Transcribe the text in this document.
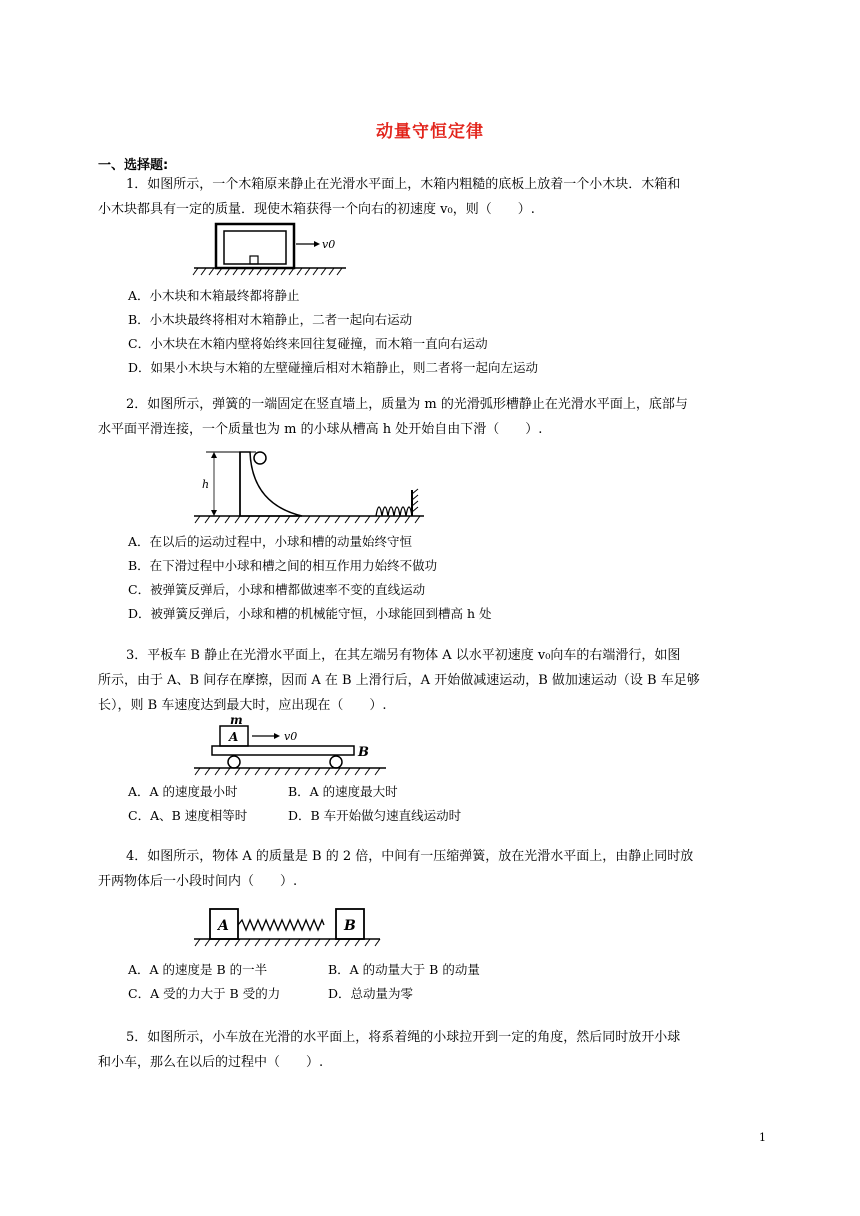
动量守恒定律
一、选择题:
1．如图所示，一个木箱原来静止在光滑水平面上，木箱内粗糙的底板上放着一个小木块．木箱和
小木块都具有一定的质量．现使木箱获得一个向右的初速度 v₀，则（　　）.
v0
A．小木块和木箱最终都将静止
B．小木块最终将相对木箱静止，二者一起向右运动
C．小木块在木箱内壁将始终来回往复碰撞，而木箱一直向右运动
D．如果小木块与木箱的左壁碰撞后相对木箱静止，则二者将一起向左运动
2．如图所示，弹簧的一端固定在竖直墙上，质量为 m 的光滑弧形槽静止在光滑水平面上，底部与
水平面平滑连接，一个质量也为 m 的小球从槽高 h 处开始自由下滑（　　）.
h
A．在以后的运动过程中，小球和槽的动量始终守恒
B．在下滑过程中小球和槽之间的相互作用力始终不做功
C．被弹簧反弹后，小球和槽都做速率不变的直线运动
D．被弹簧反弹后，小球和槽的机械能守恒，小球能回到槽高 h 处
3．平板车 B 静止在光滑水平面上，在其左端另有物体 A 以水平初速度 v₀向车的右端滑行，如图
所示，由于 A、B 间存在摩擦，因而 A 在 B 上滑行后，A 开始做减速运动，B 做加速运动（设 B 车足够
长），则 B 车速度达到最大时，应出现在（　　）.
m
A	v0
B
A．A 的速度最小时	B．A 的速度最大时
C．A、B 速度相等时	D．B 车开始做匀速直线运动时
4．如图所示，物体 A 的质量是 B 的 2 倍，中间有一压缩弹簧，放在光滑水平面上，由静止同时放
开两物体后一小段时间内（　　）.
A	B
A．A 的速度是 B 的一半	B．A 的动量大于 B 的动量
C．A 受的力大于 B 受的力	D．总动量为零
5．如图所示，小车放在光滑的水平面上，将系着绳的小球拉开到一定的角度，然后同时放开小球
和小车，那么在以后的过程中（　　）.
1
